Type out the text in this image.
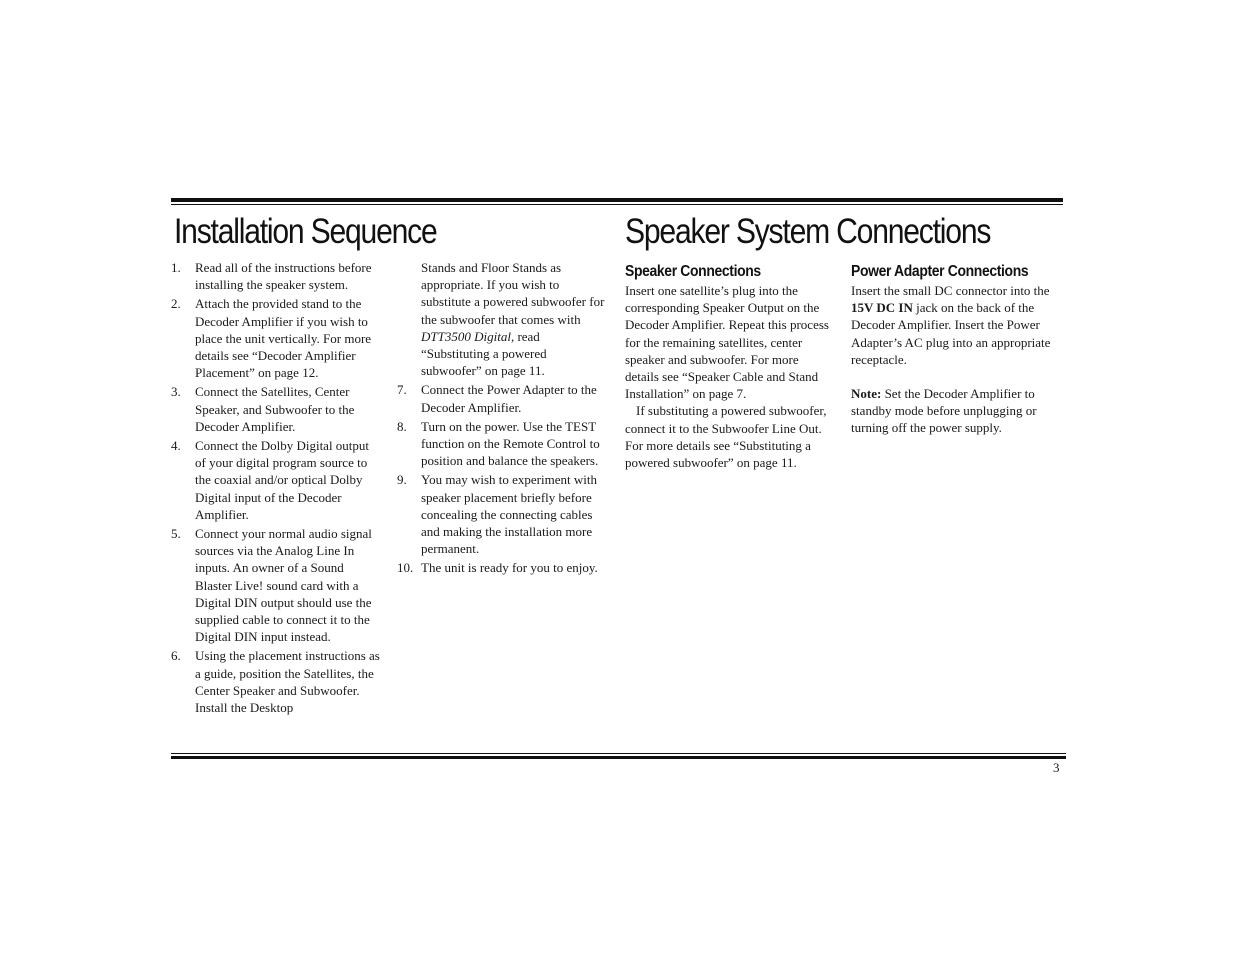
Installation Sequence	Speaker System Connections
1.	Read all of the instructions before installing the speaker system.
2.	Attach the provided stand to the Decoder Amplifier if you wish to place the unit vertically. For more details see “Decoder Amplifier Placement” on page 12.
3.	Connect the Satellites, Center Speaker, and Subwoofer to the Decoder Amplifier.
4.	Connect the Dolby Digital output of your digital program source to the coaxial and/or optical Dolby Digital input of the Decoder Amplifier.
5.	Connect your normal audio signal sources via the Analog Line In inputs. An owner of a Sound Blaster Live! sound card with a Digital DIN output should use the supplied cable to connect it to the Digital DIN input instead.
6.	Using the placement instructions as a guide, position the Satellites, the Center Speaker and Subwoofer. Install the Desktop
Stands and Floor Stands as appropriate. If you wish to substitute a powered subwoofer for the subwoofer that comes with DTT3500 Digital, read “Substituting a powered subwoofer” on page 11.
7.	Connect the Power Adapter to the Decoder Amplifier.
8.	Turn on the power. Use the TEST function on the Remote Control to position and balance the speakers.
9.	You may wish to experiment with speaker placement briefly before concealing the connecting cables and making the installation more permanent.
10. The unit is ready for you to enjoy.
Speaker Connections

Insert one satellite’s plug into the corresponding Speaker Output on the Decoder Amplifier. Repeat this process for the remaining satellites, center speaker and subwoofer. For more details see “Speaker Cable and Stand Installation” on page 7.

If substituting a powered subwoofer, connect it to the Subwoofer Line Out. For more details see “Substituting a powered subwoofer” on page 11.

Power Adapter Connections

Insert the small DC connector into the 15V DC IN jack on the back of the Decoder Amplifier. Insert the Power Adapter’s AC plug into an appropriate receptacle.

Note: Set the Decoder Amplifier to standby mode before unplugging or turning off the power supply.

3
